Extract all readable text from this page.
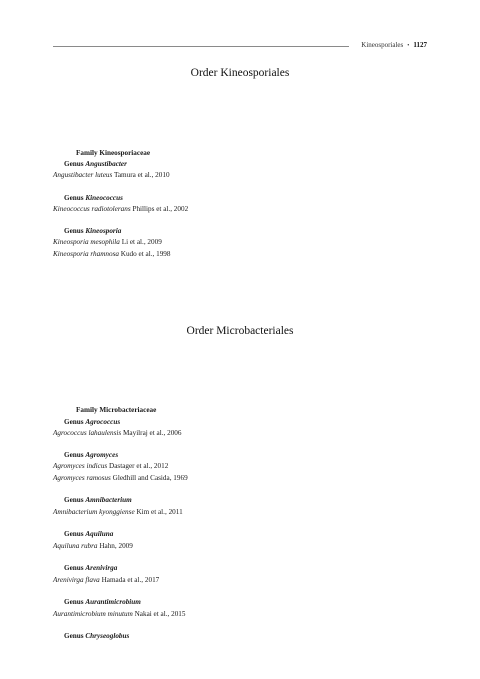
Kineosporiales • 1127
Order Kineosporiales
Family Kineosporiaceae
Genus Angustibacter
Angustibacter luteus Tamura et al., 2010
Genus Kineococcus
Kineococcus radiotolerans Phillips et al., 2002
Genus Kineosporia
Kineosporia mesophila Li et al., 2009
Kineosporia rhamnosa Kudo et al., 1998
Order Microbacteriales
Family Microbacteriaceae
Genus Agrococcus
Agrococcus lahaulensis Mayilraj et al., 2006
Genus Agromyces
Agromyces indicus Dastager et al., 2012
Agromyces ramosus Gledhill and Casida, 1969
Genus Amnibacterium
Amnibacterium kyonggiense Kim et al., 2011
Genus Aquiluna
Aquiluna rubra Hahn, 2009
Genus Arenivirga
Arenivirga flava Hamada et al., 2017
Genus Aurantimicrobium
Aurantimicrobium minutum Nakai et al., 2015
Genus Chryseoglobus
